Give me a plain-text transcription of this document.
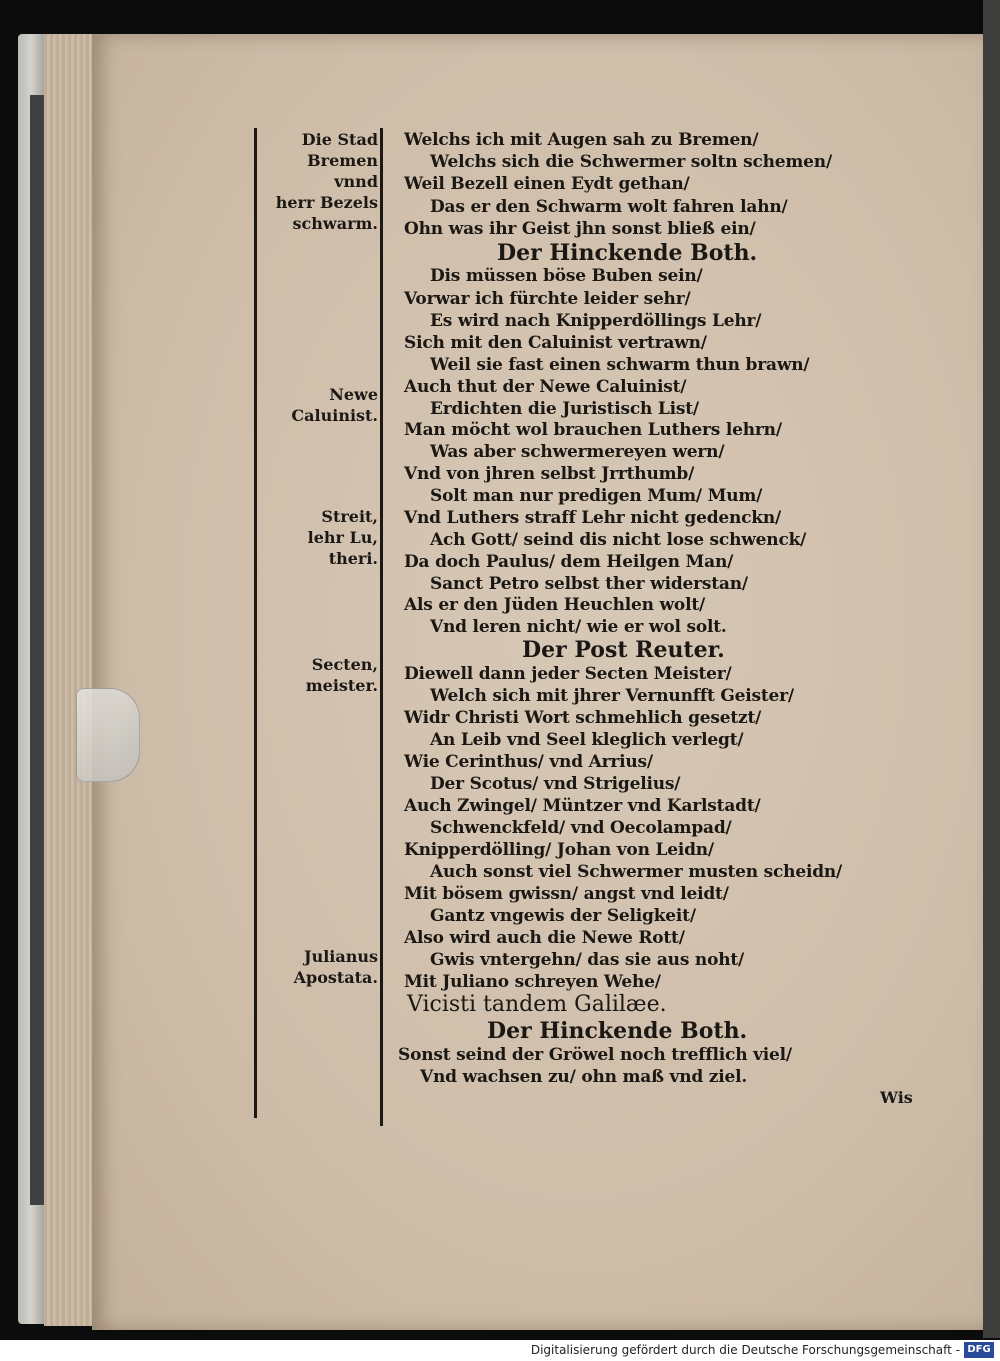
Die Stad
Bremen
vnnd
herr Bezels
schwarm.
Newe
Caluinist.
Streit,
lehr Lu,
theri.
Secten,
meister.
Julianus
Apostata.
Welchs ich mit Augen sah zu Bremen/
Welchs sich die Schwermer soltn schemen/
Weil Bezell einen Eydt gethan/
Das er den Schwarm wolt fahren lahn/
Ohn was ihr Geist jhn sonst bließ ein/
Der Hinckende Both.
Dis müssen böse Buben sein/
Vorwar ich fürchte leider sehr/
Es wird nach Knipperdöllings Lehr/
Sich mit den Caluinist vertrawn/
Weil sie fast einen schwarm thun brawn/
Auch thut der Newe Caluinist/
Erdichten die Juristisch List/
Man möcht wol brauchen Luthers lehrn/
Was aber schwermereyen wern/
Vnd von jhren selbst Jrrthumb/
Solt man nur predigen Mum/ Mum/
Vnd Luthers straff Lehr nicht gedenckn/
Ach Gott/ seind dis nicht lose schwenck/
Da doch Paulus/ dem Heilgen Man/
Sanct Petro selbst ther widerstan/
Als er den Jüden Heuchlen wolt/
Vnd leren nicht/ wie er wol solt.
Der Post Reuter.
Diewell dann jeder Secten Meister/
Welch sich mit jhrer Vernunfft Geister/
Widr Christi Wort schmehlich gesetzt/
An Leib vnd Seel kleglich verlegt/
Wie Cerinthus/ vnd Arrius/
Der Scotus/ vnd Strigelius/
Auch Zwingel/ Müntzer vnd Karlstadt/
Schwenckfeld/ vnd Oecolampad/
Knipperdölling/ Johan von Leidn/
Auch sonst viel Schwermer musten scheidn/
Mit bösem gwissn/ angst vnd leidt/
Gantz vngewis der Seligkeit/
Also wird auch die Newe Rott/
Gwis vntergehn/ das sie aus noht/
Mit Juliano schreyen Wehe/
Vicisti tandem Galilæe.
Der Hinckende Both.
Sonst seind der Gröwel noch trefflich viel/
Vnd wachsen zu/ ohn maß vnd ziel.
Wis
Digitalisierung gefördert durch die Deutsche Forschungsgemeinschaft - DFG
